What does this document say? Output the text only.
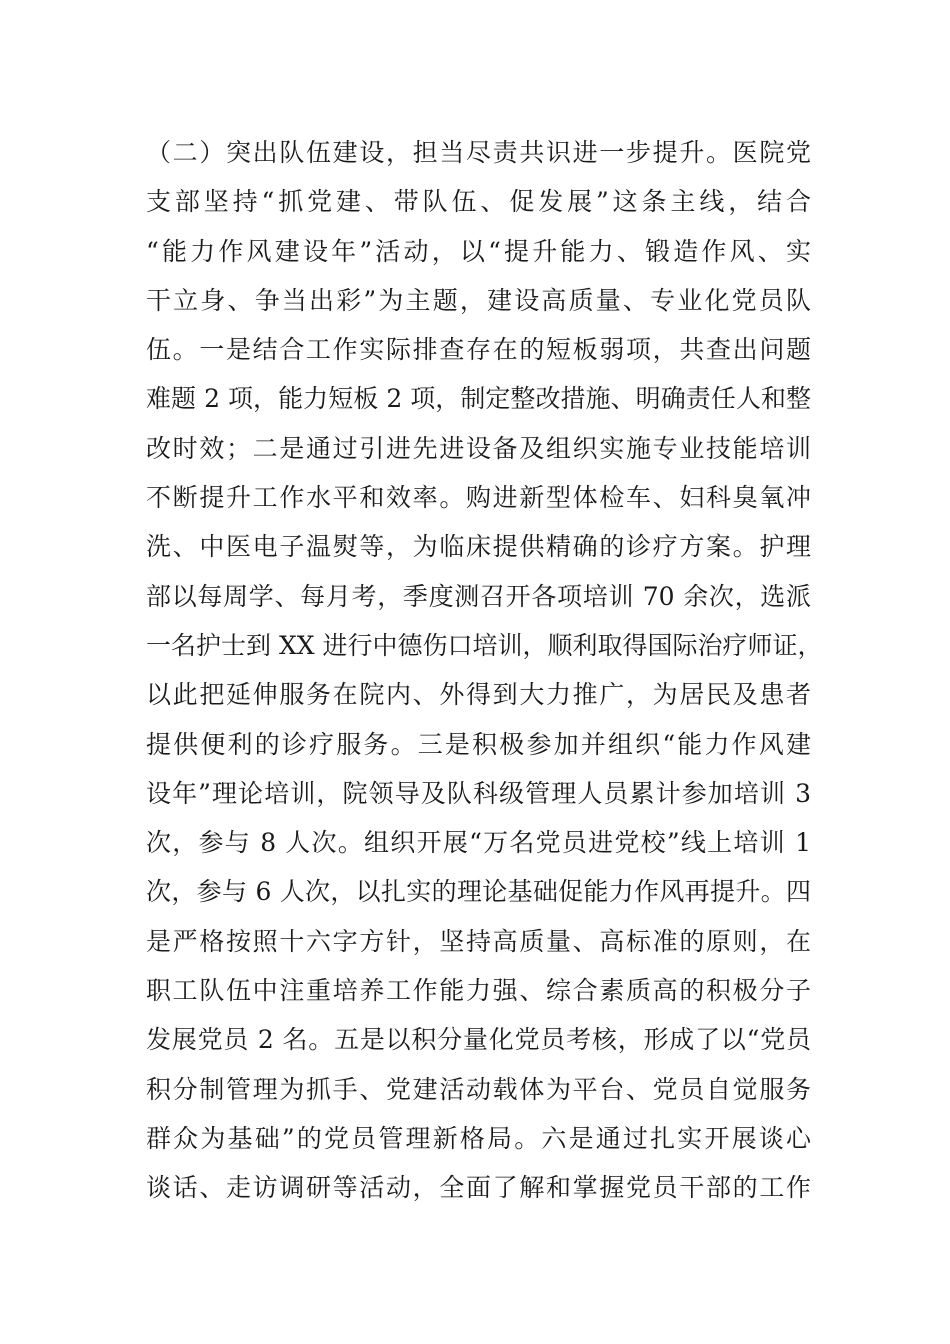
（二）突出队伍建设，担当尽责共识进一步提升。医院党
支部坚持“抓党建、带队伍、促发展”这条主线，结合
“能力作风建设年”活动，以“提升能力、锻造作风、实
干立身、争当出彩”为主题，建设高质量、专业化党员队
伍。一是结合工作实际排查存在的短板弱项，共查出问题
难题 2 项，能力短板 2 项，制定整改措施、明确责任人和整
改时效；二是通过引进先进设备及组织实施专业技能培训
不断提升工作水平和效率。购进新型体检车、妇科臭氧冲
洗、中医电子温熨等，为临床提供精确的诊疗方案。护理
部以每周学、每月考，季度测召开各项培训 70 余次，选派
一名护士到 XX 进行中德伤口培训，顺利取得国际治疗师证，
以此把延伸服务在院内、外得到大力推广，为居民及患者
提供便利的诊疗服务。三是积极参加并组织“能力作风建
设年”理论培训，院领导及队科级管理人员累计参加培训 3
次，参与 8 人次。组织开展“万名党员进党校”线上培训 1
次，参与 6 人次，以扎实的理论基础促能力作风再提升。四
是严格按照十六字方针，坚持高质量、高标准的原则，在
职工队伍中注重培养工作能力强、综合素质高的积极分子
发展党员 2 名。五是以积分量化党员考核，形成了以“党员
积分制管理为抓手、党建活动载体为平台、党员自觉服务
群众为基础”的党员管理新格局。六是通过扎实开展谈心
谈话、走访调研等活动，全面了解和掌握党员干部的工作
